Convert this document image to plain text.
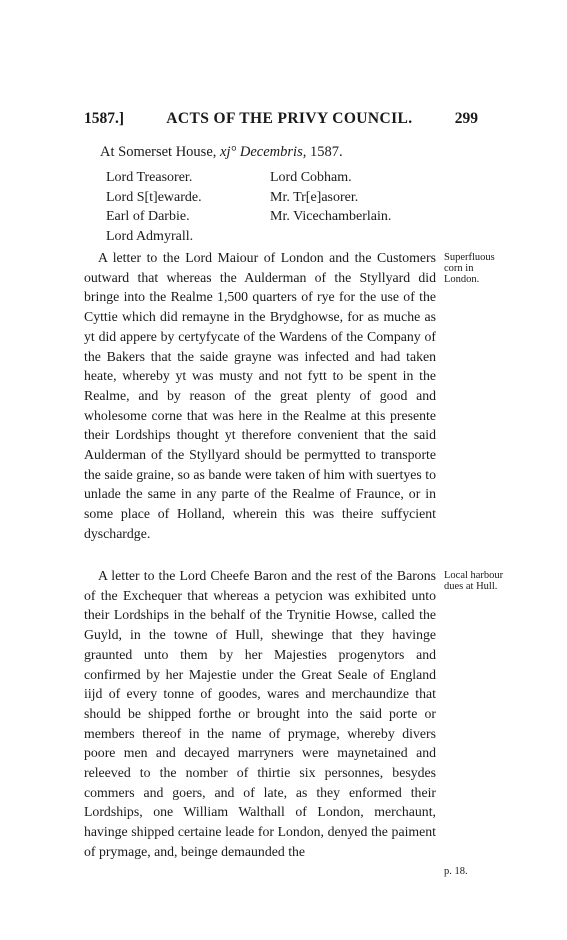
1587.]	ACTS OF THE PRIVY COUNCIL.	299
At Somerset House, xj° Decembris, 1587.
Lord Treasorer.	Lord Cobham.
Lord S[t]ewarde.	Mr. Tr[e]asorer.
Earl of Darbie.	Mr. Vicechamberlain.
Lord Admyrall.

A letter to the Lord Maiour of London and the Customers outward that whereas the Aulderman of the Styllyard did bringe into the Realme 1,500 quarters of rye for the use of the Cyttie which did remayne in the Brydghowse, for as muche as yt did appere by certyfycate of the Wardens of the Company of the Bakers that the saide grayne was infected and had taken heate, whereby yt was musty and not fytt to be spent in the Realme, and by reason of the great plenty of good and wholesome corne that was here in the Realme at this presente their Lordships thought yt therefore convenient that the said Aulderman of the Styllyard should be permytted to transporte the saide graine, so as bande were taken of him with suertyes to unlade the same in any parte of the Realme of Fraunce, or in some place of Holland, wherein this was theire suffycient dyschardge.

A letter to the Lord Cheefe Baron and the rest of the Barons of the Exchequer that whereas a petycion was exhibited unto their Lordships in the behalf of the Trynitie Howse, called the Guyld, in the towne of Hull, shewinge that they havinge graunted unto them by her Majesties progenytors and confirmed by her Majestie under the Great Seale of England iijd of every tonne of goodes, wares and merchaundize that should be shipped forthe or brought into the said porte or members thereof in the name of prymage, whereby divers poore men and decayed marryners were maynetained and releeved to the nomber of thirtie six personnes, besydes commers and goers, and of late, as they enformed their Lordships, one William Walthall of London, merchaunt, havinge shipped certaine leade for London, denyed the paiment of prymage, and, beinge demaunded the

Superfluous corn in London.
Local harbour dues at Hull.
p. 18.
